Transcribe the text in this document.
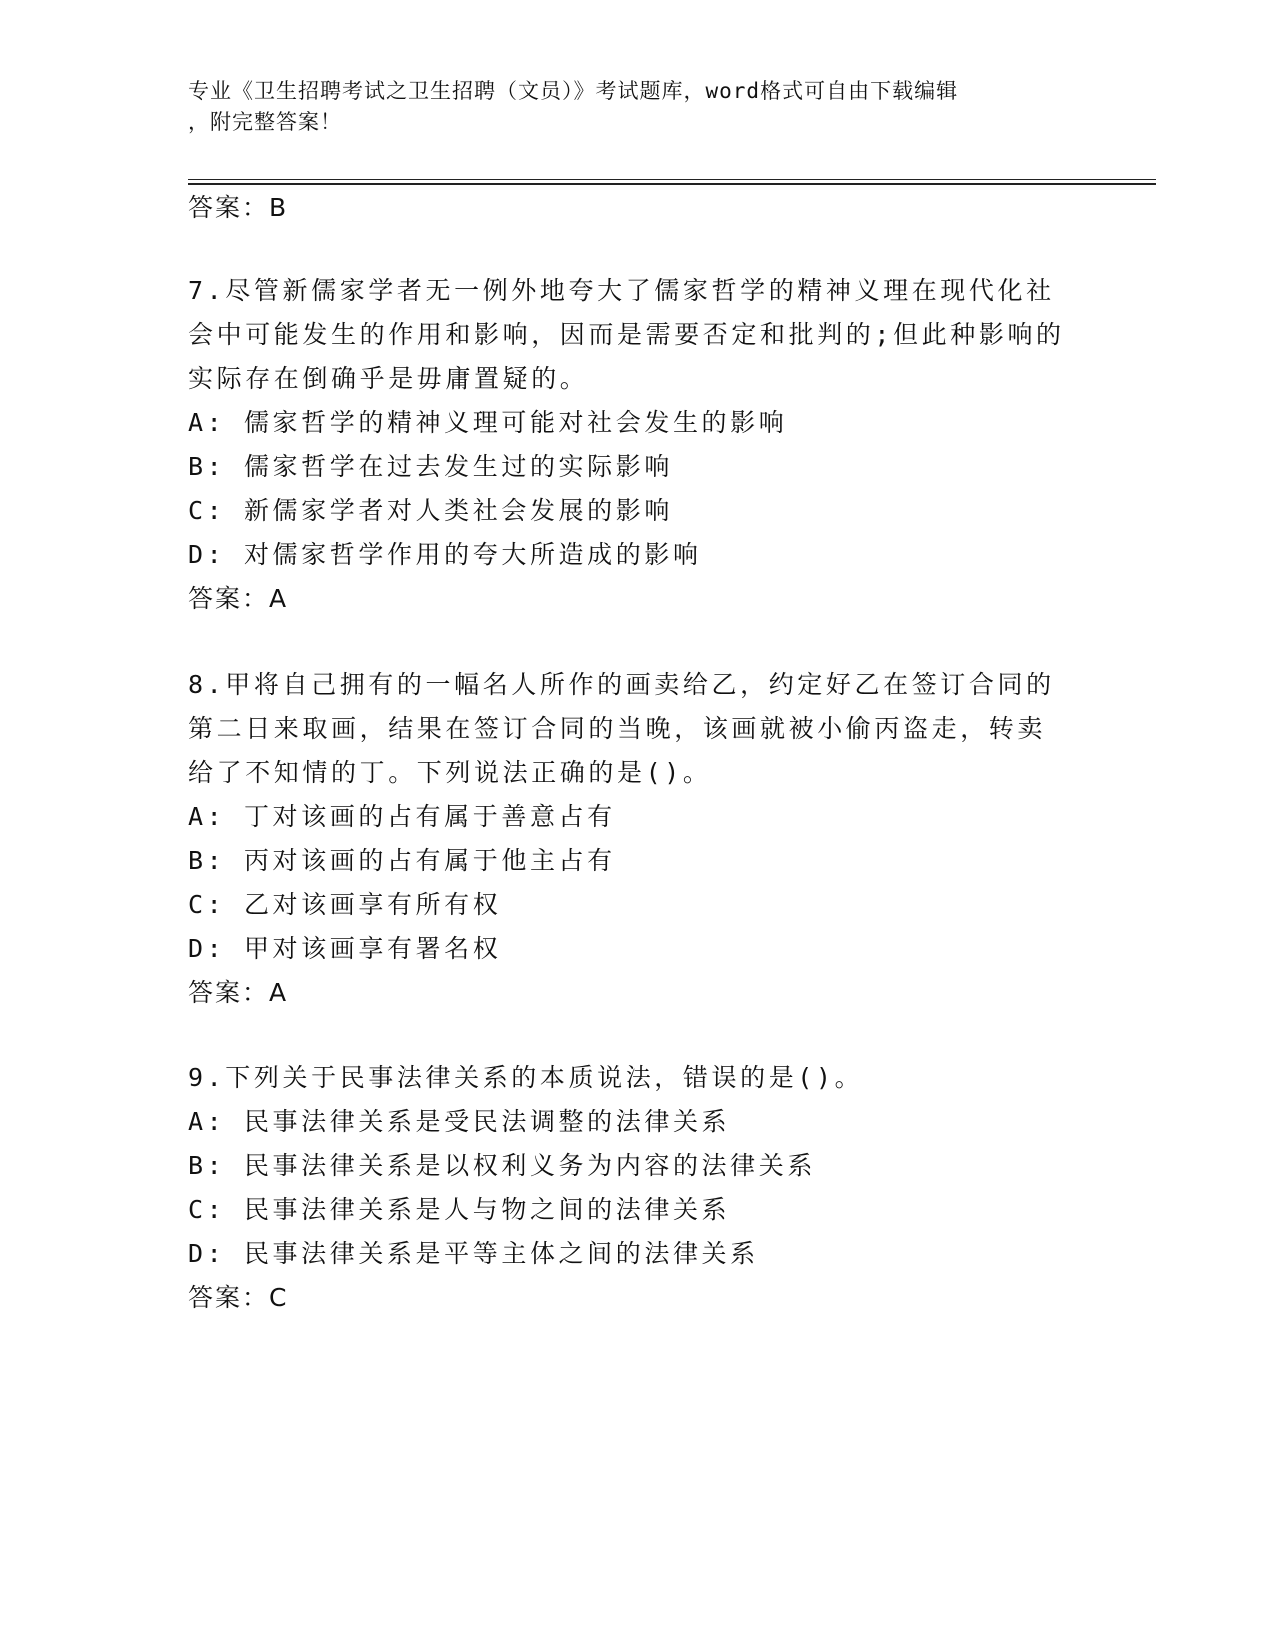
专业《卫生招聘考试之卫生招聘（文员）》考试题库，word格式可自由下载编辑
，附完整答案！
答案：B
7.尽管新儒家学者无一例外地夸大了儒家哲学的精神义理在现代化社
会中可能发生的作用和影响，因而是需要否定和批判的;但此种影响的
实际存在倒确乎是毋庸置疑的。
A: 儒家哲学的精神义理可能对社会发生的影响
B: 儒家哲学在过去发生过的实际影响
C: 新儒家学者对人类社会发展的影响
D: 对儒家哲学作用的夸大所造成的影响
答案：A
8.甲将自己拥有的一幅名人所作的画卖给乙，约定好乙在签订合同的
第二日来取画，结果在签订合同的当晚，该画就被小偷丙盗走，转卖
给了不知情的丁。下列说法正确的是()。
A: 丁对该画的占有属于善意占有
B: 丙对该画的占有属于他主占有
C: 乙对该画享有所有权
D: 甲对该画享有署名权
答案：A
9.下列关于民事法律关系的本质说法，错误的是()。
A: 民事法律关系是受民法调整的法律关系
B: 民事法律关系是以权利义务为内容的法律关系
C: 民事法律关系是人与物之间的法律关系
D: 民事法律关系是平等主体之间的法律关系
答案：C
